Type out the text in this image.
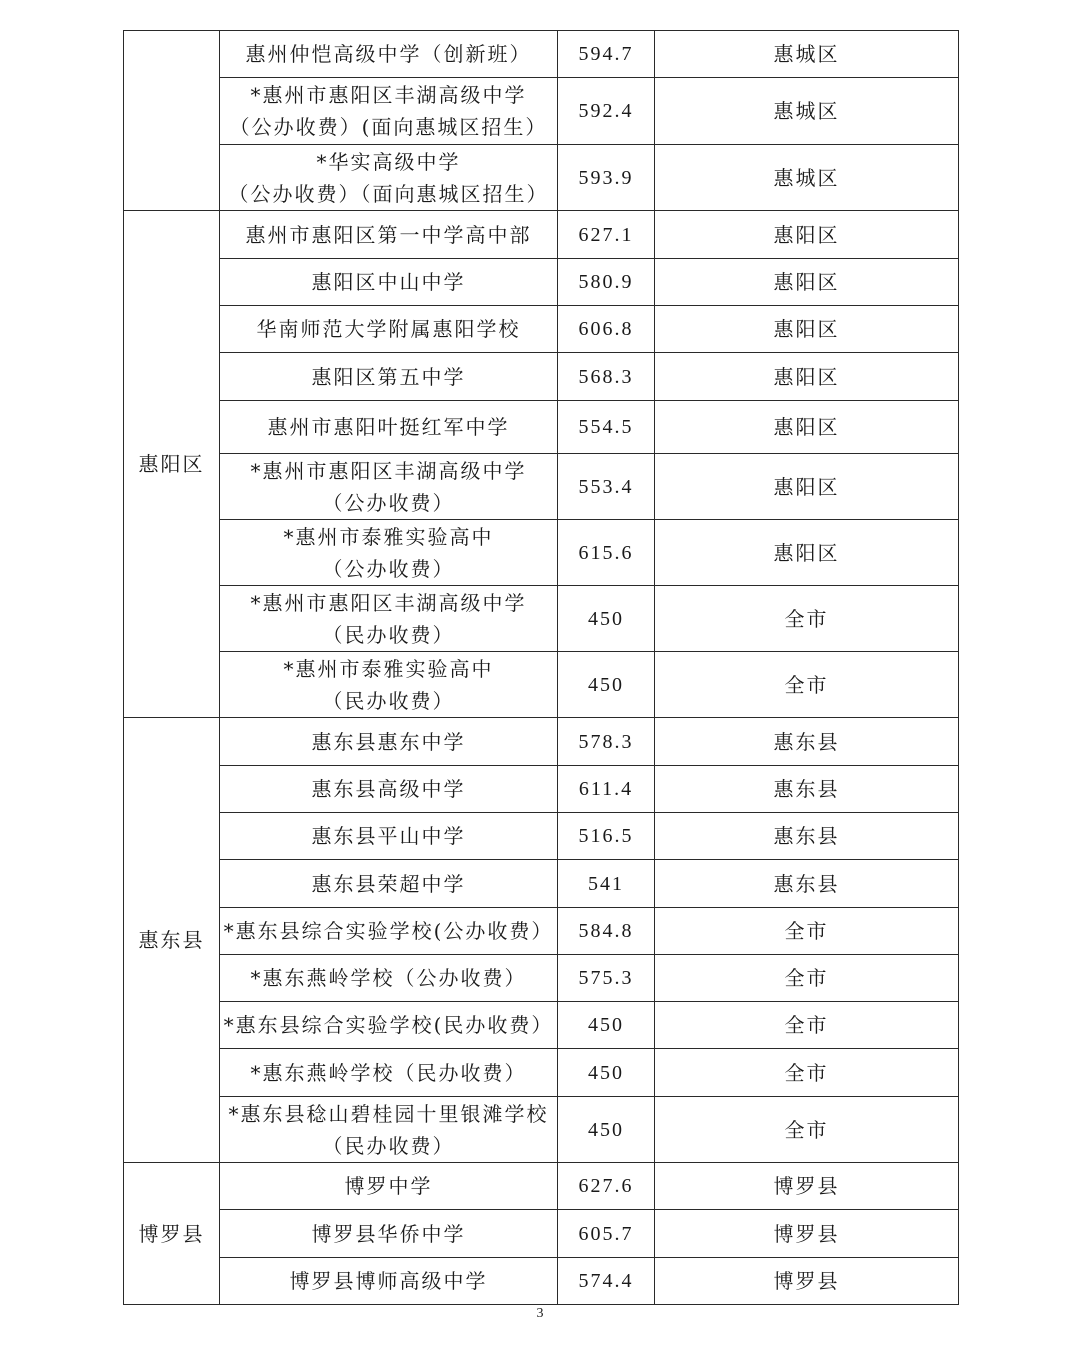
	惠州仲恺高级中学（创新班）	594.7	惠城区

	*惠州市惠阳区丰湖高级中学
（公办收费）(面向惠城区招生）	592.4	惠城区

	*华实高级中学
（公办收费）（面向惠城区招生）	593.9	惠城区
惠阳区	惠州市惠阳区第一中学高中部	627.1	惠阳区

	惠阳区中山中学	580.9	惠阳区

	华南师范大学附属惠阳学校	606.8	惠阳区

	惠阳区第五中学	568.3	惠阳区

	惠州市惠阳叶挺红军中学	554.5	惠阳区

	*惠州市惠阳区丰湖高级中学
（公办收费）	553.4	惠阳区

	*惠州市泰雅实验高中
（公办收费）	615.6	惠阳区

	*惠州市惠阳区丰湖高级中学
（民办收费）	450	全市

	*惠州市泰雅实验高中
（民办收费）	450	全市
惠东县	惠东县惠东中学	578.3	惠东县

	惠东县高级中学	611.4	惠东县

	惠东县平山中学	516.5	惠东县

	惠东县荣超中学	541	惠东县

	*惠东县综合实验学校(公办收费）	584.8	全市

	*惠东燕岭学校（公办收费）	575.3	全市

	*惠东县综合实验学校(民办收费）	450	全市

	*惠东燕岭学校（民办收费）	450	全市

	*惠东县稔山碧桂园十里银滩学校
（民办收费）	450	全市
博罗县	博罗中学	627.6	博罗县

	博罗县华侨中学	605.7	博罗县

	博罗县博师高级中学	574.4	博罗县
3
